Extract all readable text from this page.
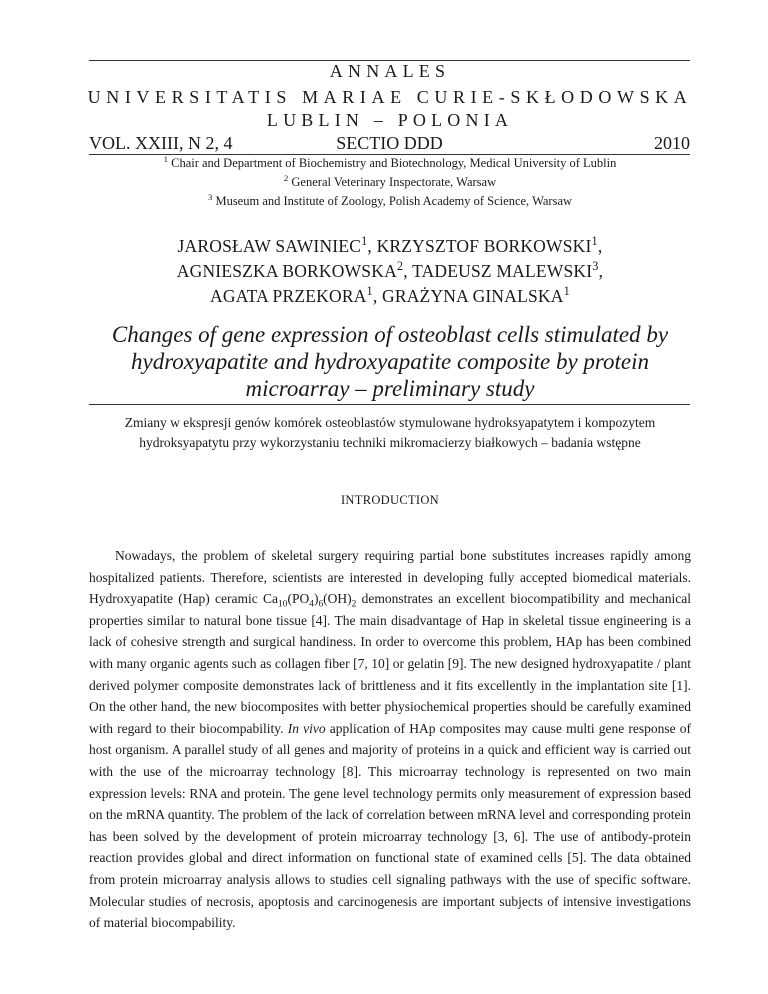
ANNALES
UNIVERSITATIS MARIAE CURIE-SKŁODOWSKA
LUBLIN – POLONIA
VOL. XXIII, N 2, 4	SECTIO DDD	2010
$^1$ Chair and Department of Biochemistry and Biotechnology, Medical University of Lublin
$^2$ General Veterinary Inspectorate, Warsaw
$^3$ Museum and Institute of Zoology, Polish Academy of Science, Warsaw
JAROSŁAW SAWINIEC$^1$, KRZYSZTOF BORKOWSKI$^1$,
AGNIESZKA BORKOWSKA$^2$, TADEUSZ MALEWSKI$^3$,
AGATA PRZEKORA$^1$, GRAŻYNA GINALSKA$^1$
Changes of gene expression of osteoblast cells stimulated by
hydroxyapatite and hydroxyapatite composite by protein
microarray – preliminary study
Zmiany w ekspresji genów komórek osteoblastów stymulowane hydroksyapatytem i kompozytem
hydroksyapatytu przy wykorzystaniu techniki mikromacierzy białkowych – badania wstępne
INTRODUCTION

Nowadays, the problem of skeletal surgery requiring partial bone substitutes increases rapidly among hospitalized patients. Therefore, scientists are interested in developing fully accepted biomedical materials. Hydroxyapatite (Hap) ceramic $Ca_{10}(PO_4)_6(OH)_2$ demonstrates an excellent biocompatibility and mechanical properties similar to natural bone tissue [4]. The main disadvantage of Hap in skeletal tissue engineering is a lack of cohesive strength and surgical handiness. In order to overcome this problem, HAp has been combined with many organic agents such as collagen fiber [7, 10] or gelatin [9]. The new designed hydroxyapatite / plant derived polymer composite demonstrates lack of brittleness and it fits excellently in the implantation site [1]. On the other hand, the new biocomposites with better physiochemical properties should be carefully examined with regard to their biocompability. In vivo application of HAp composites may cause multi gene response of host organism. A parallel study of all genes and majority of proteins in a quick and efficient way is carried out with the use of the microarray technology [8]. This microarray technology is represented on two main expression levels: RNA and protein. The gene level technology permits only measurement of expression based on the mRNA quantity. The problem of the lack of correlation between mRNA level and corresponding protein has been solved by the development of protein microarray technology [3, 6]. The use of antibody-protein reaction provides global and direct information on functional state of examined cells [5]. The data obtained from protein microarray analysis allows to studies cell signaling pathways with the use of specific software. Molecular studies of necrosis, apoptosis and carcinogenesis are important subjects of intensive investigations of material biocompability.
